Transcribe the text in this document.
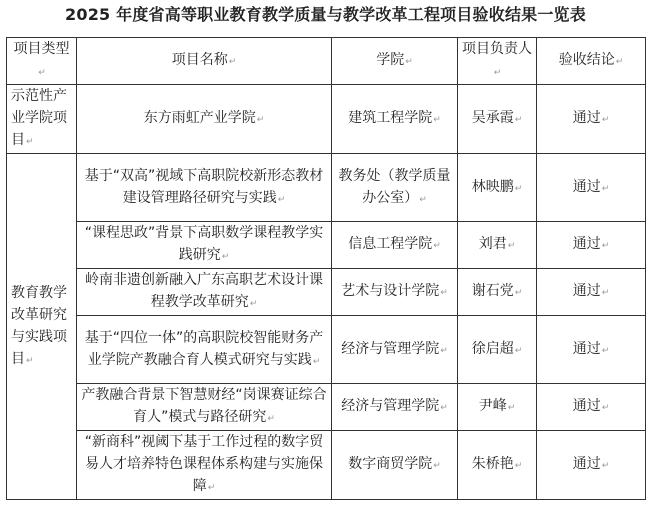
2025 年度省高等职业教育教学质量与教学改革工程项目验收结果一览表
项目类型↵	项目名称↵	学院↵	项目负责人↵	验收结论↵
示范性产业学院项目↵	东方雨虹产业学院↵	建筑工程学院↵	吴承霞↵	通过↵
教育教学改革研究与实践项目↵	基于“双高”视域下高职院校新形态教材建设管理路径研究与实践↵	教务处（教学质量办公室）↵	林映鹏↵	通过↵
	“课程思政”背景下高职数学课程教学实践研究↵	信息工程学院↵	刘君↵	通过↵
	岭南非遗创新融入广东高职艺术设计课程教学改革研究↵	艺术与设计学院↵	谢石党↵	通过↵
	基于“四位一体”的高职院校智能财务产业学院产教融合育人模式研究与实践↵	经济与管理学院↵	徐启超↵	通过↵
	产教融合背景下智慧财经“岗课赛证综合育人”模式与路径研究↵	经济与管理学院↵	尹峰↵	通过↵
	“新商科”视阈下基于工作过程的数字贸易人才培养特色课程体系构建与实施保障↵	数字商贸学院↵	朱桥艳↵	通过↵
